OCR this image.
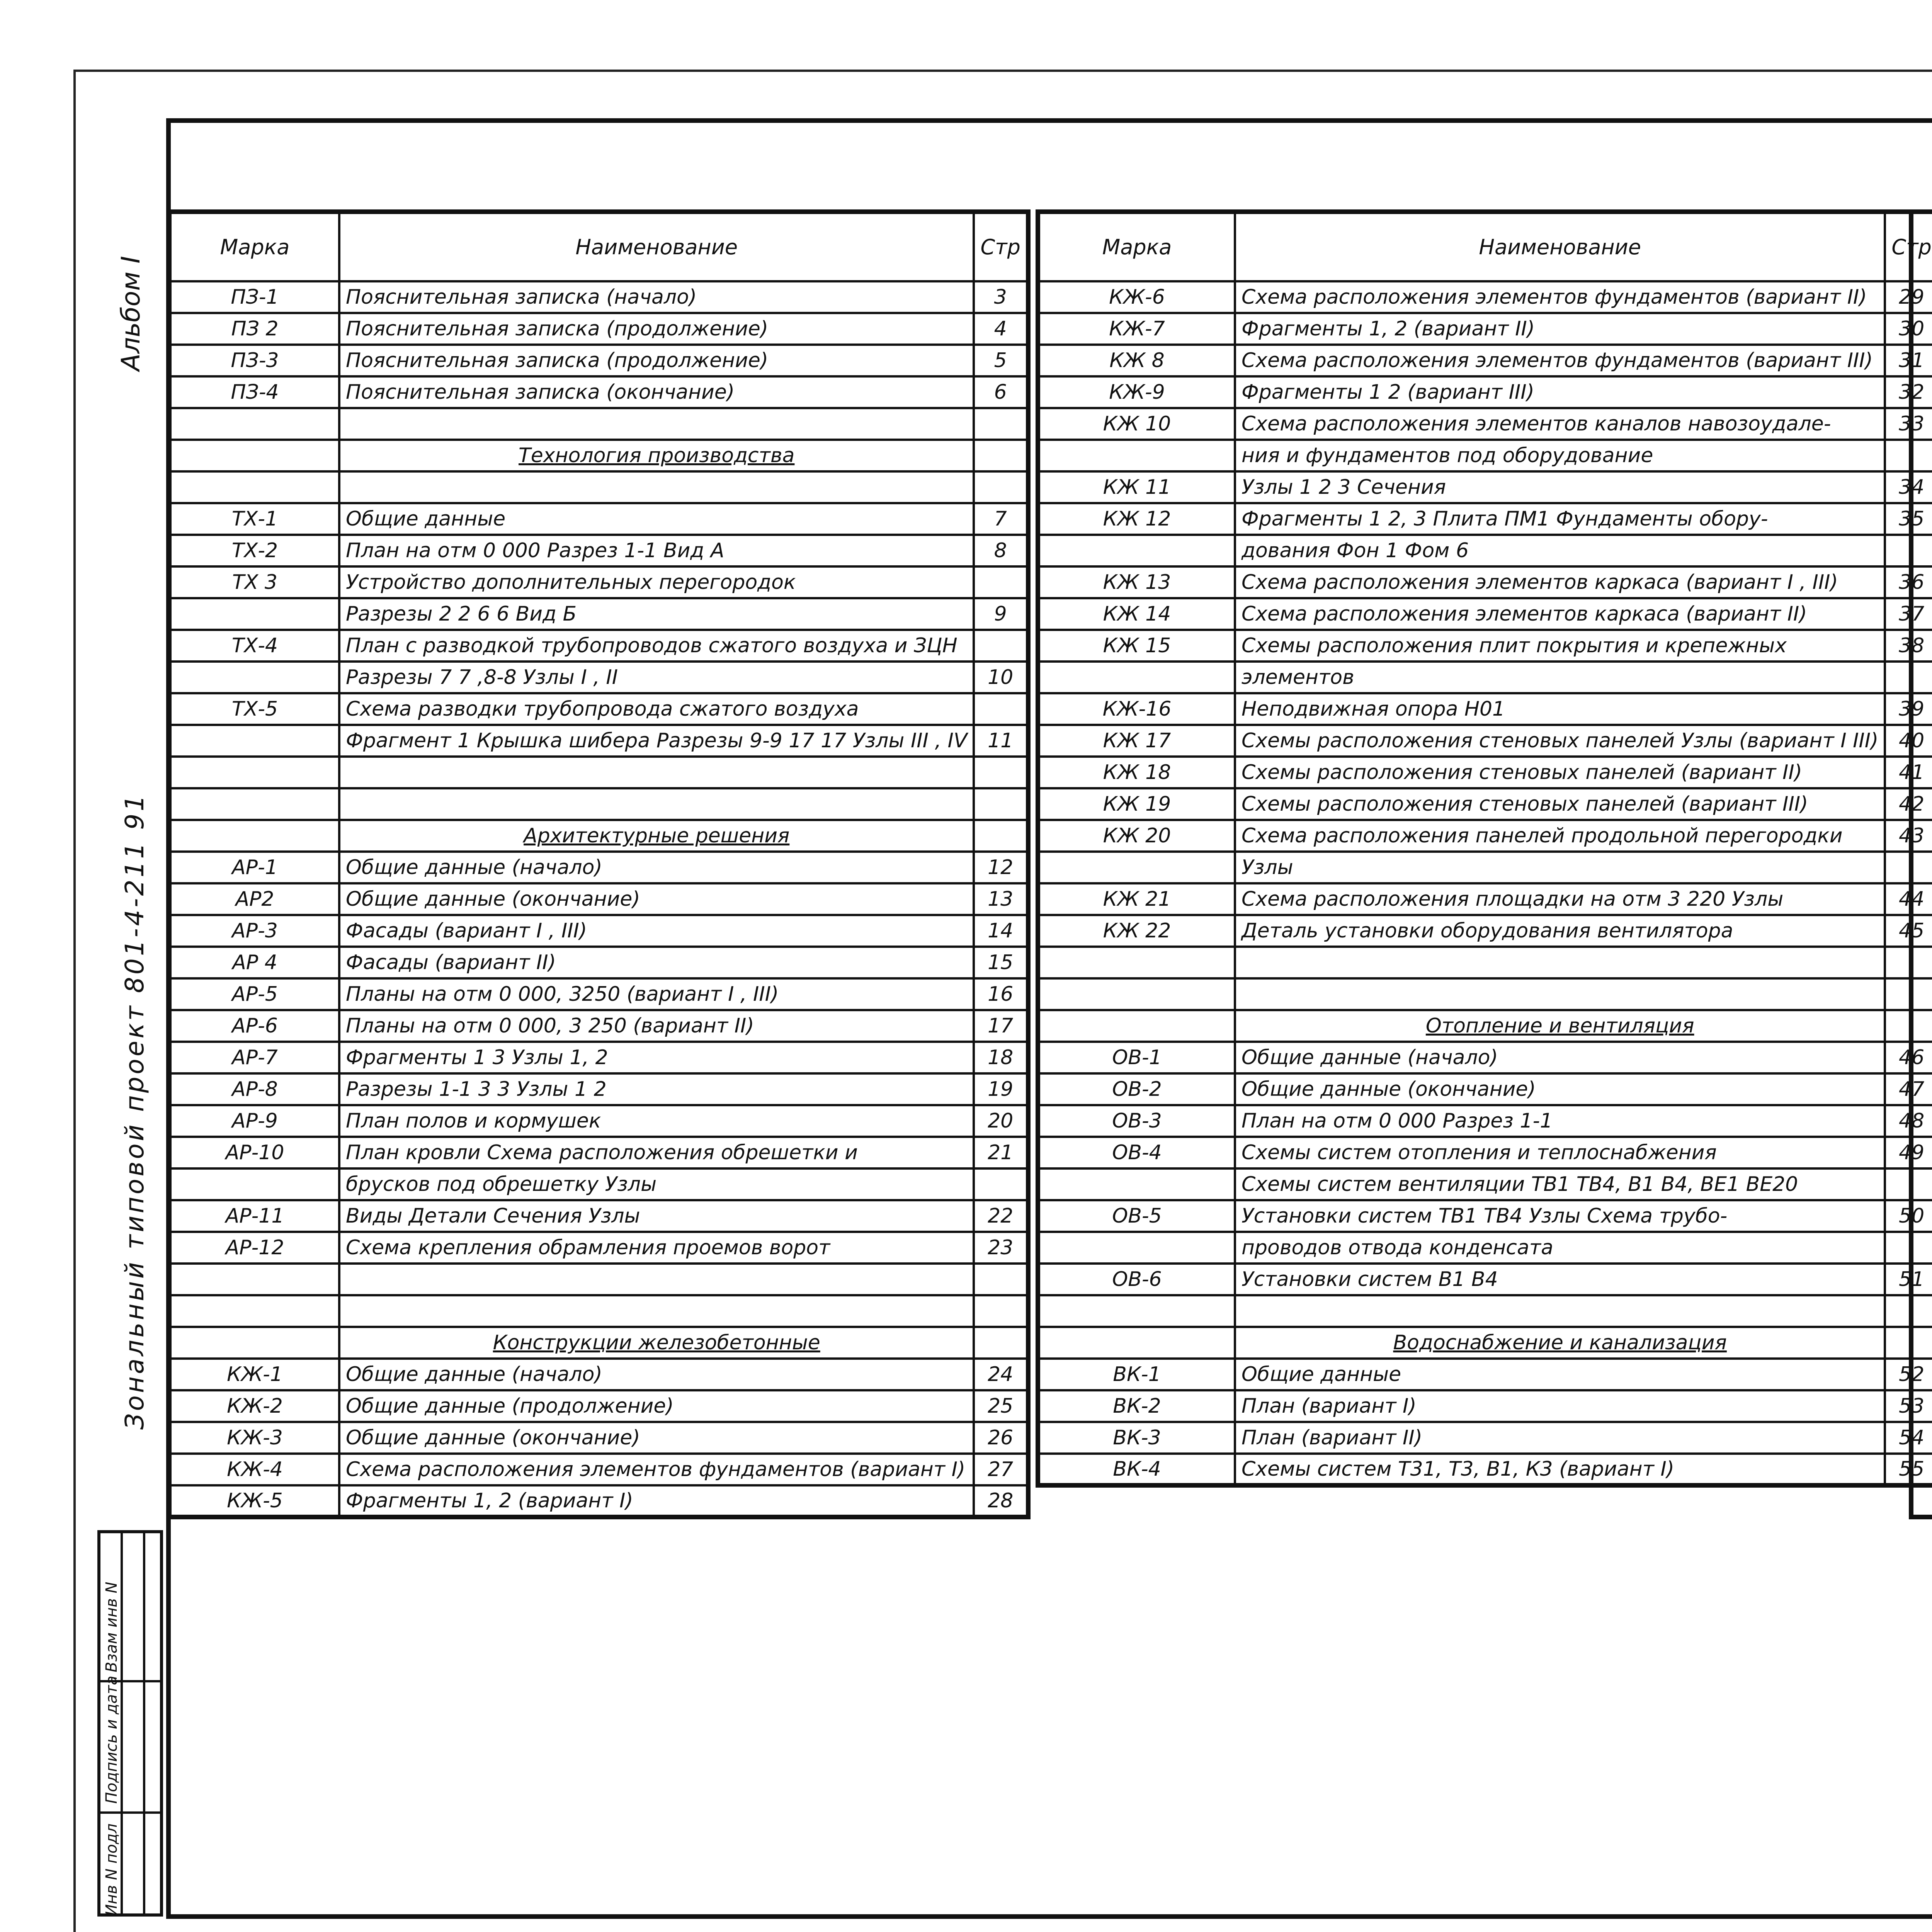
Альбом I
Зональный типовой проект 801-4-211 91
Марка	Наименование	Стр
ПЗ-1	Пояснительная записка (начало)	3
ПЗ 2	Пояснительная записка (продолжение)	4
ПЗ-3	Пояснительная записка (продолжение)	5
ПЗ-4	Пояснительная записка (окончание)	6

	Технология производства	

ТХ-1	Общие данные	7
ТХ-2	План на отм 0 000 Разрез 1-1 Вид А	8
ТХ 3	Устройство дополнительных перегородок	
	Разрезы 2 2 6 6 Вид Б	9
ТХ-4	План с разводкой трубопроводов сжатого воздуха и ЗЦН	
	Разрезы 7 7 ,8-8 Узлы I , II	10
ТХ-5	Схема разводки трубопровода сжатого воздуха	
	Фрагмент 1 Крышка шибера Разрезы 9-9 17 17 Узлы III , IV	11

	Архитектурные решения	
АР-1	Общие данные (начало)	12
АР2	Общие данные (окончание)	13
АР-3	Фасады (вариант I , III)	14
АР 4	Фасады (вариант II)	15
АР-5	Планы на отм 0 000, 3250 (вариант I , III)	16
АР-6	Планы на отм 0 000, 3 250 (вариант II)	17
АР-7	Фрагменты 1 3 Узлы 1, 2	18
АР-8	Разрезы 1-1 3 3 Узлы 1 2	19
АР-9	План полов и кормушек	20
АР-10	План кровли Схема расположения обрешетки и	21
	брусков под обрешетку Узлы	
АР-11	Виды Детали Сечения Узлы	22
АР-12	Схема крепления обрамления проемов ворот	23

	Конструкции железобетонные	
КЖ-1	Общие данные (начало)	24
КЖ-2	Общие данные (продолжение)	25
КЖ-3	Общие данные (окончание)	26
КЖ-4	Схема расположения элементов фундаментов (вариант I)	27
КЖ-5	Фрагменты 1, 2 (вариант I)	28
Марка	Наименование	Стр
КЖ-6	Схема расположения элементов фундаментов (вариант II)	29
КЖ-7	Фрагменты 1, 2 (вариант II)	30
КЖ 8	Схема расположения элементов фундаментов (вариант III)	31
КЖ-9	Фрагменты 1 2 (вариант III)	32
КЖ 10	Схема расположения элементов каналов навозоудале-	33
	ния и фундаментов под оборудование	
КЖ 11	Узлы 1 2 3 Сечения	34
КЖ 12	Фрагменты 1 2, 3 Плита ПМ1 Фундаменты обору-	35
	дования Фон 1 Фом 6	
КЖ 13	Схема расположения элементов каркаса (вариант I , III)	36
КЖ 14	Схема расположения элементов каркаса (вариант II)	37
КЖ 15	Схемы расположения плит покрытия и крепежных	38
	элементов	
КЖ-16	Неподвижная опора Н01	39
КЖ 17	Схемы расположения стеновых панелей Узлы (вариант I III)	40
КЖ 18	Схемы расположения стеновых панелей (вариант II)	41
КЖ 19	Схемы расположения стеновых панелей (вариант III)	42
КЖ 20	Схема расположения панелей продольной перегородки	43
	Узлы	
КЖ 21	Схема расположения площадки на отм 3 220 Узлы	44
КЖ 22	Деталь установки оборудования вентилятора	45

	Отопление и вентиляция	
ОВ-1	Общие данные (начало)	46
ОВ-2	Общие данные (окончание)	47
ОВ-3	План на отм 0 000 Разрез 1-1	48
ОВ-4	Схемы систем отопления и теплоснабжения	49
	Схемы систем вентиляции ТВ1 ТВ4, В1 В4, ВЕ1 ВЕ20	
ОВ-5	Установки систем ТВ1 ТВ4 Узлы Схема трубо-	50
	проводов отвода конденсата	
ОВ-6	Установки систем В1 В4	51

	Водоснабжение и канализация	
ВК-1	Общие данные	52
ВК-2	План (вариант I)	53
ВК-3	План (вариант II)	54
ВК-4	Схемы систем Т31, Т3, В1, К3 (вариант I)	55

Инв N подл
Подпись и дата
Взам инв N
